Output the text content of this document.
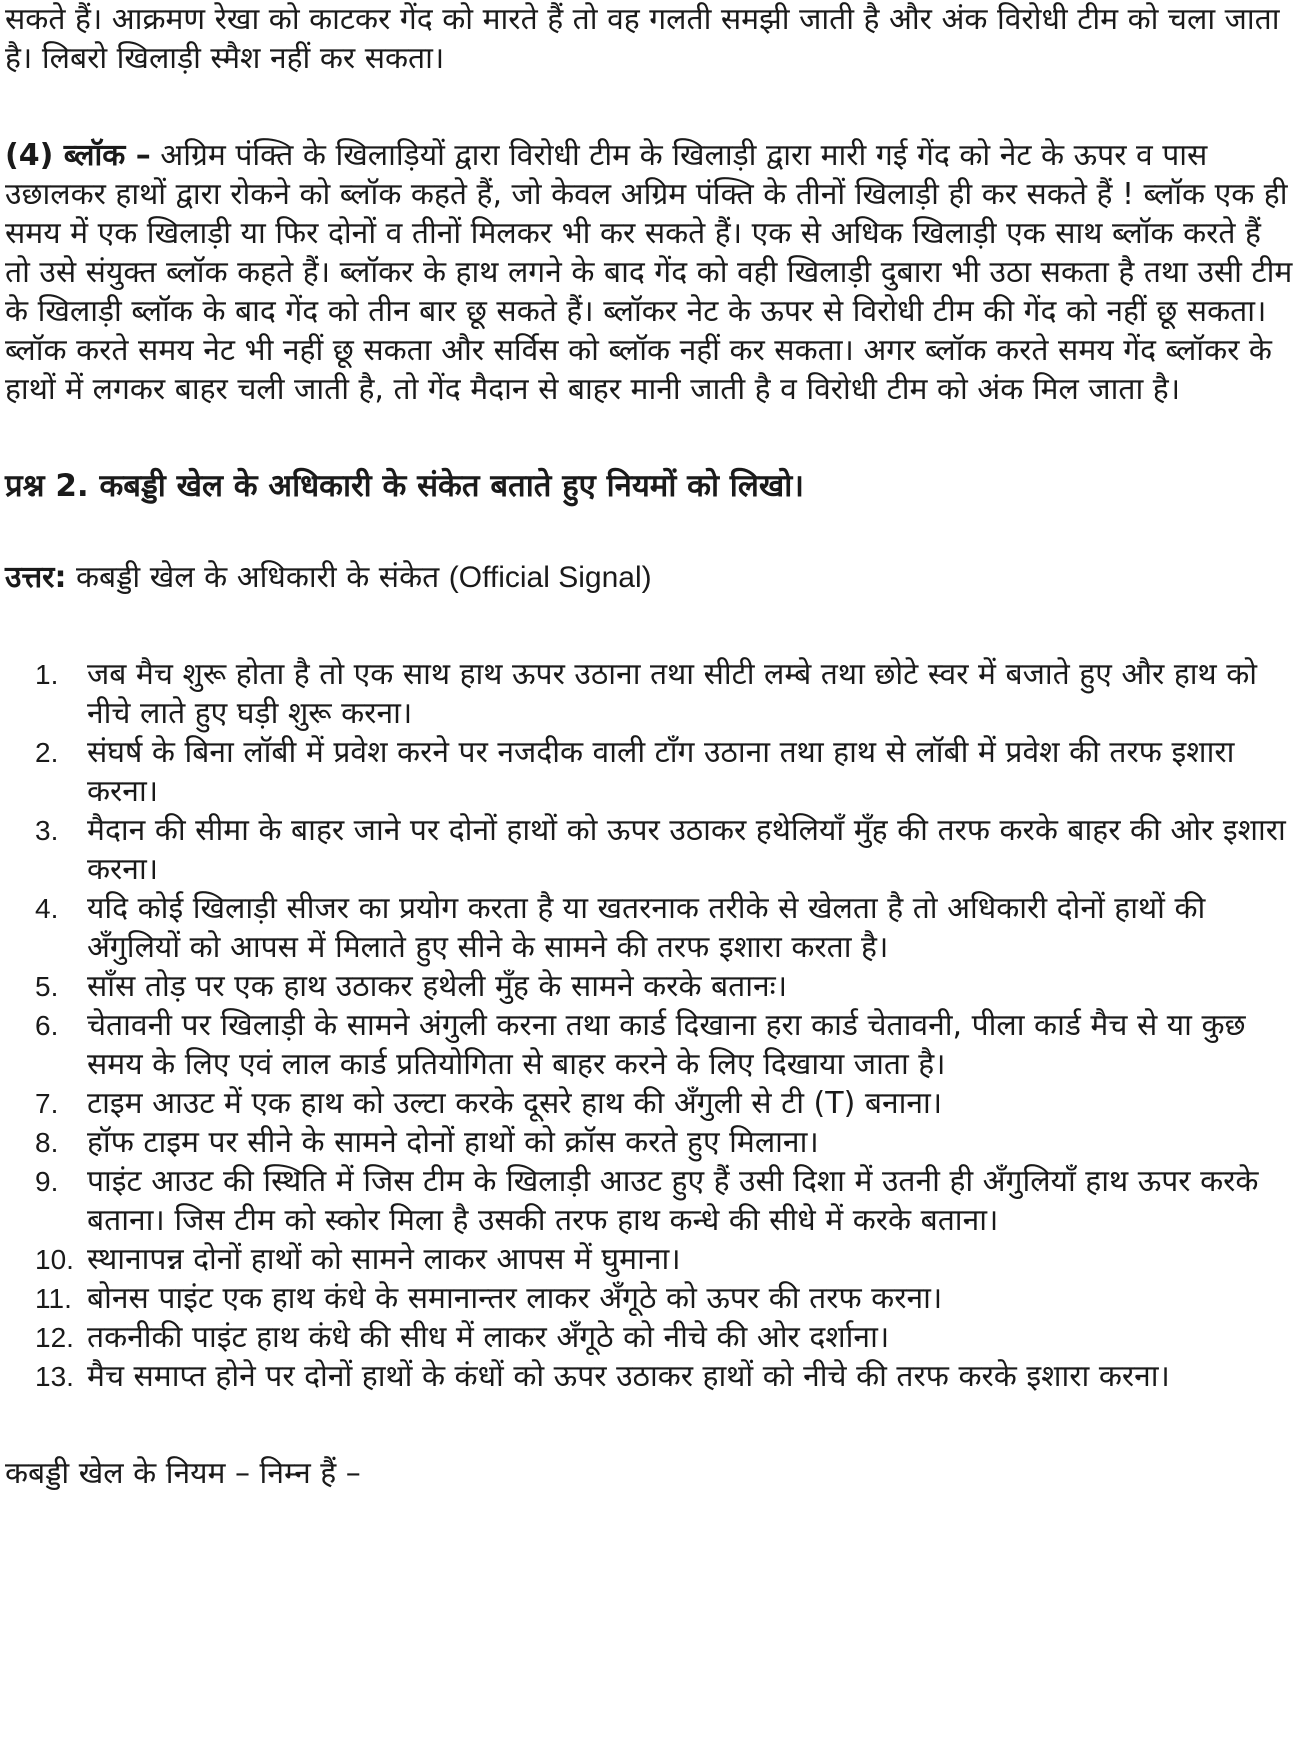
सकते हैं। आक्रमण रेखा को काटकर गेंद को मारते हैं तो वह गलती समझी जाती है और अंक विरोधी टीम को चला जाता है। लिबरो खिलाड़ी स्मैश नहीं कर सकता।

(4) ब्लॉक – अग्रिम पंक्ति के खिलाड़ियों द्वारा विरोधी टीम के खिलाड़ी द्वारा मारी गई गेंद को नेट के ऊपर व पास उछालकर हाथों द्वारा रोकने को ब्लॉक कहते हैं, जो केवल अग्रिम पंक्ति के तीनों खिलाड़ी ही कर सकते हैं ! ब्लॉक एक ही समय में एक खिलाड़ी या फिर दोनों व तीनों मिलकर भी कर सकते हैं। एक से अधिक खिलाड़ी एक साथ ब्लॉक करते हैं तो उसे संयुक्त ब्लॉक कहते हैं। ब्लॉकर के हाथ लगने के बाद गेंद को वही खिलाड़ी दुबारा भी उठा सकता है तथा उसी टीम के खिलाड़ी ब्लॉक के बाद गेंद को तीन बार छू सकते हैं। ब्लॉकर नेट के ऊपर से विरोधी टीम की गेंद को नहीं छू सकता। ब्लॉक करते समय नेट भी नहीं छू सकता और सर्विस को ब्लॉक नहीं कर सकता। अगर ब्लॉक करते समय गेंद ब्लॉकर के हाथों में लगकर बाहर चली जाती है, तो गेंद मैदान से बाहर मानी जाती है व विरोधी टीम को अंक मिल जाता है।

प्रश्न 2. कबड्डी खेल के अधिकारी के संकेत बताते हुए नियमों को लिखो।

उत्तर: कबड्डी खेल के अधिकारी के संकेत (Official Signal)

1. जब मैच शुरू होता है तो एक साथ हाथ ऊपर उठाना तथा सीटी लम्बे तथा छोटे स्वर में बजाते हुए और हाथ को नीचे लाते हुए घड़ी शुरू करना।
2. संघर्ष के बिना लॉबी में प्रवेश करने पर नजदीक वाली टाँग उठाना तथा हाथ से लॉबी में प्रवेश की तरफ इशारा करना।
3. मैदान की सीमा के बाहर जाने पर दोनों हाथों को ऊपर उठाकर हथेलियाँ मुँह की तरफ करके बाहर की ओर इशारा करना।
4. यदि कोई खिलाड़ी सीजर का प्रयोग करता है या खतरनाक तरीके से खेलता है तो अधिकारी दोनों हाथों की अँगुलियों को आपस में मिलाते हुए सीने के सामने की तरफ इशारा करता है।
5. साँस तोड़ पर एक हाथ उठाकर हथेली मुँह के सामने करके बतानः।
6. चेतावनी पर खिलाड़ी के सामने अंगुली करना तथा कार्ड दिखाना हरा कार्ड चेतावनी, पीला कार्ड मैच से या कुछ समय के लिए एवं लाल कार्ड प्रतियोगिता से बाहर करने के लिए दिखाया जाता है।
7. टाइम आउट में एक हाथ को उल्टा करके दूसरे हाथ की अँगुली से टी (T) बनाना।
8. हॉफ टाइम पर सीने के सामने दोनों हाथों को क्रॉस करते हुए मिलाना।
9. पाइंट आउट की स्थिति में जिस टीम के खिलाड़ी आउट हुए हैं उसी दिशा में उतनी ही अँगुलियाँ हाथ ऊपर करके बताना। जिस टीम को स्कोर मिला है उसकी तरफ हाथ कन्धे की सीधे में करके बताना।
10. स्थानापन्न दोनों हाथों को सामने लाकर आपस में घुमाना।
11. बोनस पाइंट एक हाथ कंधे के समानान्तर लाकर अँगूठे को ऊपर की तरफ करना।
12. तकनीकी पाइंट हाथ कंधे की सीध में लाकर अँगूठे को नीचे की ओर दर्शाना।
13. मैच समाप्त होने पर दोनों हाथों के कंधों को ऊपर उठाकर हाथों को नीचे की तरफ करके इशारा करना।

कबड्डी खेल के नियम – निम्न हैं –
